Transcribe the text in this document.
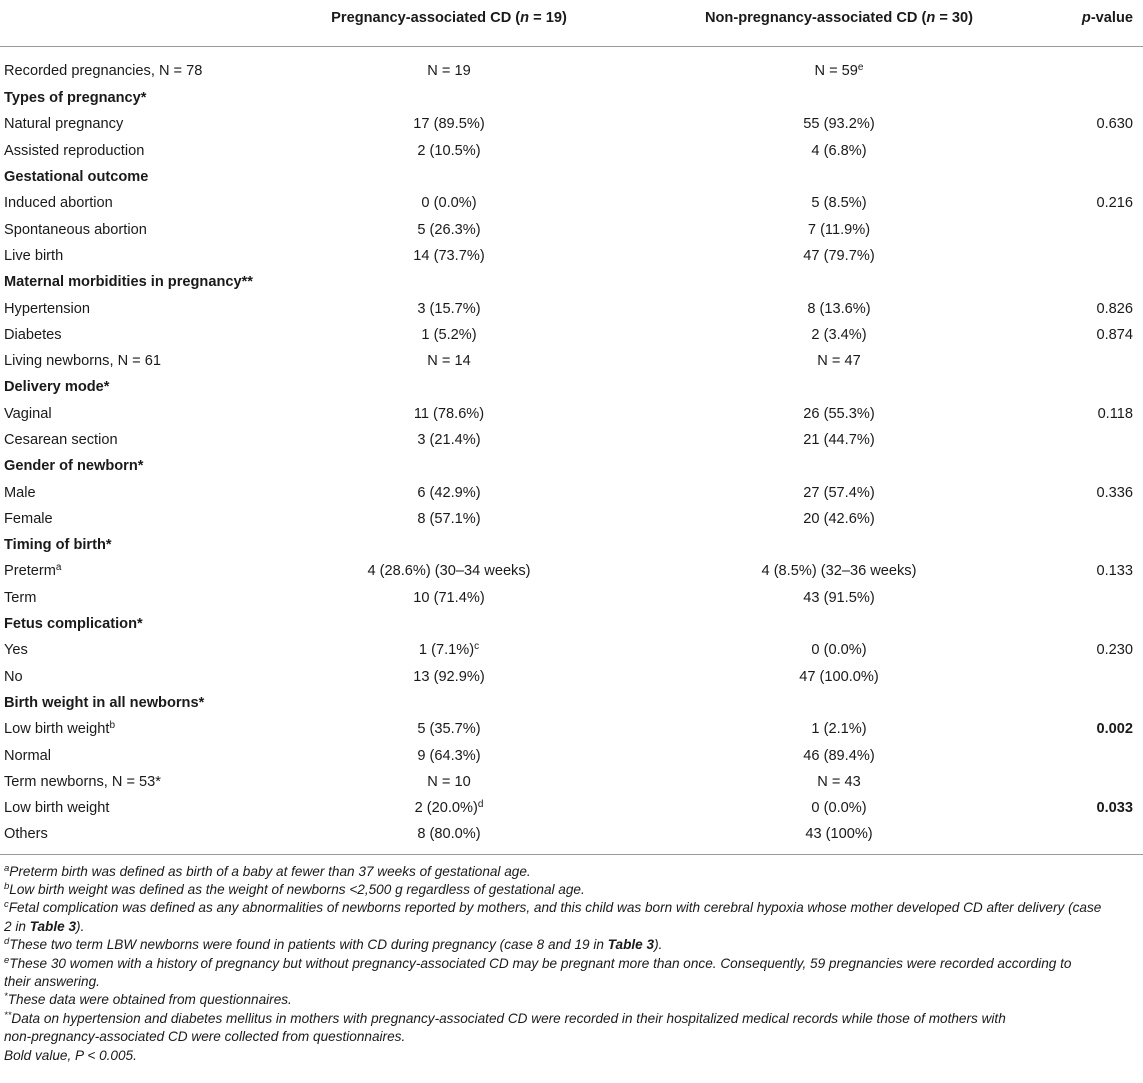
	Pregnancy-associated CD (n = 19)	Non-pregnancy-associated CD (n = 30)	p-value
Recorded pregnancies, N = 78	N = 19	$N = 59^e$	
Types of pregnancy*			
Natural pregnancy	17 (89.5%)	55 (93.2%)	0.630
Assisted reproduction	2 (10.5%)	4 (6.8%)	
Gestational outcome			
Induced abortion	0 (0.0%)	5 (8.5%)	0.216
Spontaneous abortion	5 (26.3%)	7 (11.9%)	
Live birth	14 (73.7%)	47 (79.7%)	
Maternal morbidities in pregnancy**			
Hypertension	3 (15.7%)	8 (13.6%)	0.826
Diabetes	1 (5.2%)	2 (3.4%)	0.874
Living newborns, N = 61	N = 14	N = 47	
Delivery mode*			
Vaginal	11 (78.6%)	26 (55.3%)	0.118
Cesarean section	3 (21.4%)	21 (44.7%)	
Gender of newborn*			
Male	6 (42.9%)	27 (57.4%)	0.336
Female	8 (57.1%)	20 (42.6%)	
Timing of birth*			
Preterm$^a$	4 (28.6%) (30–34 weeks)	4 (8.5%) (32–36 weeks)	0.133
Term	10 (71.4%)	43 (91.5%)	
Fetus complication*			
Yes	1 $(7.1\%)^c$	0 (0.0%)	0.230
No	13 (92.9%)	47 (100.0%)	
Birth weight in all newborns*			
Low birth weight$^b$	5 (35.7%)	1 (2.1%)	0.002
Normal	9 (64.3%)	46 (89.4%)	
Term newborns, N = 53*	N = 10	N = 43	
Low birth weight	2 $(20.0\%)^d$	0 (0.0%)	0.033
Others	8 (80.0%)	43 (100%)	

$^a$Preterm birth was defined as birth of a baby at fewer than 37 weeks of gestational age.

$^b$Low birth weight was defined as the weight of newborns <2,500 g regardless of gestational age.

$^c$Fetal complication was defined as any abnormalities of newborns reported by mothers, and this child was born with cerebral hypoxia whose mother developed CD after delivery (case
2 in Table 3).

$^d$These two term LBW newborns were found in patients with CD during pregnancy (case 8 and 19 in Table 3).

$^e$These 30 women with a history of pregnancy but without pregnancy-associated CD may be pregnant more than once. Consequently, 59 pregnancies were recorded according to
their answering.

*These data were obtained from questionnaires.

**Data on hypertension and diabetes mellitus in mothers with pregnancy-associated CD were recorded in their hospitalized medical records while those of mothers with
non-pregnancy-associated CD were collected from questionnaires.

Bold value, P < 0.005.
